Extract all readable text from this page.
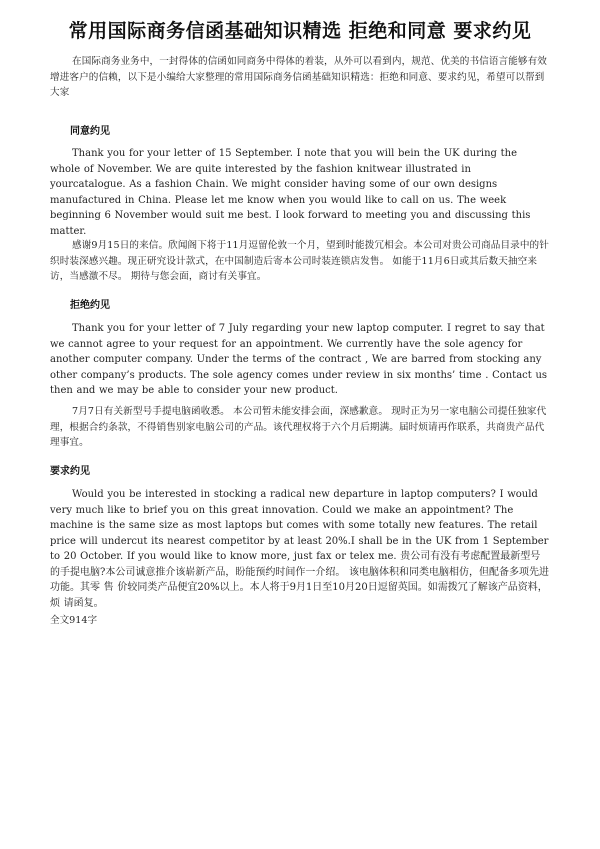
常用国际商务信函基础知识精选 拒绝和同意 要求约见

在国际商务业务中，一封得体的信函如同商务中得体的着装，从外可以看到内，规范、优美的书信语言能够有效增进客户的信赖，以下是小编给大家整理的常用国际商务信函基础知识精选：拒绝和同意、要求约见，希望可以帮到大家

同意约见

Thank you for your letter of 15 September. I note that you will bein the UK during the whole of November. We are quite interested by the fashion knitwear illustrated in yourcatalogue. As a fashion Chain. We might consider having some of our own designs manufactured in China. Please let me know when you would like to call on us. The week beginning 6 November would suit me best. I look forward to meeting you and discussing this matter.

感谢9月15日的来信。欣闻阁下将于11月逗留伦敦一个月，望到时能拨冗相会。本公司对贵公司商品目录中的针织时装深感兴趣。现正研究设计款式，在中国制造后寄本公司时装连锁店发售。 如能于11月6日或其后数天抽空来访，当感激不尽。 期待与您会面，商讨有关事宜。

拒绝约见

Thank you for your letter of 7 July regarding your new laptop computer. I regret to say that we cannot agree to your request for an appointment. We currently have the sole agency for another computer company. Under the terms of the contract , We are barred from stocking any other company’s products. The sole agency comes under review in six months’ time . Contact us then and we may be able to consider your new product.

7月7日有关新型号手提电脑函收悉。 本公司暂未能安排会面，深感歉意。 现时正为另一家电脑公司提任独家代理，根据合约条款，不得销售别家电脑公司的产品。该代理权将于六个月后期满。届时烦请再作联系，共商贵产品代理事宜。

要求约见

Would you be interested in stocking a radical new departure in laptop computers? I would very much like to brief you on this great innovation. Could we make an appointment? The machine is the same size as most laptops but comes with some totally new features. The retail price will undercut its nearest competitor by at least 20%.I shall be in the UK from 1 September to 20 October. If you would like to know more, just fax or telex me. 贵公司有没有考虑配置最新型号的手提电脑?本公司诚意推介该崭新产品，盼能预约时间作一介绍。 该电脑体积和同类电脑相仿，但配备多项先进功能。其零 售 价较同类产品便宜20%以上。本人将于9月1日至10月20日逗留英国。如需拨冗了解该产品资料，烦 请函复。

全文914字
